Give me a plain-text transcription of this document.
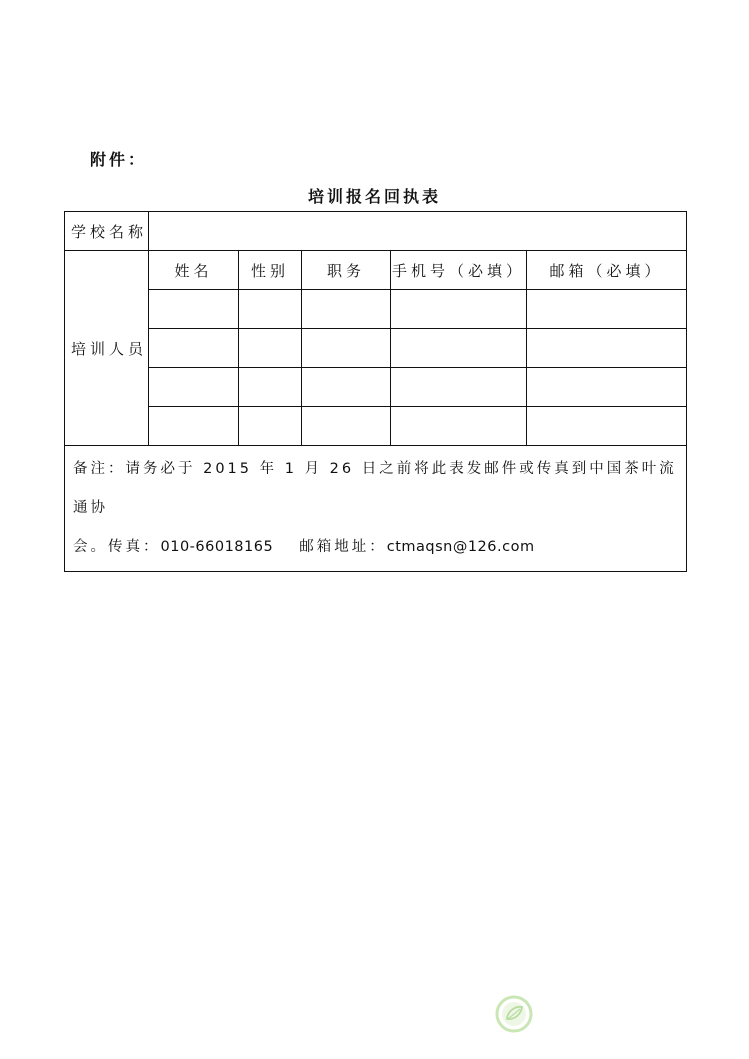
附件：
培训报名回执表
学校名称					
培训人员	姓名	性别	职务	手机号（必填）	邮箱（必填）

备注：请务必于 2015 年 1 月 26 日之前将此表发邮件或传真到中国茶叶流通协
会。传真：010-66018165 邮箱地址：ctmaqsn@126.com					
